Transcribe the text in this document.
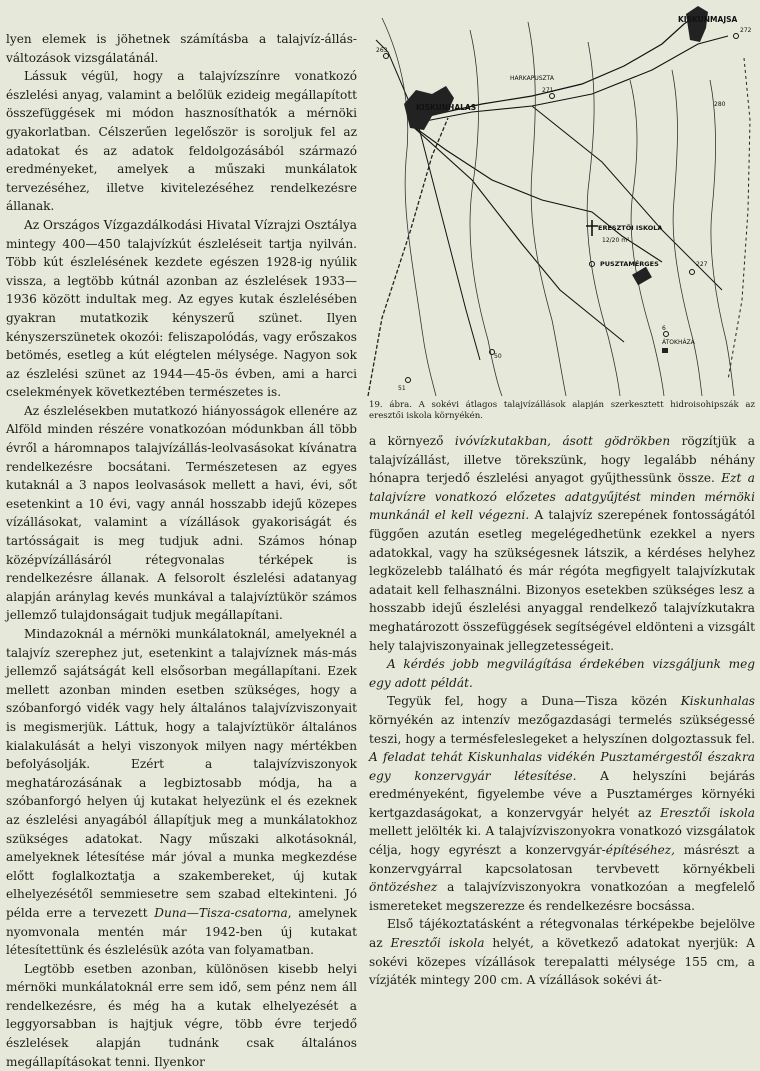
lyen elemek is jöhetnek számításba a talajvíz-állás-változások vizsgálatánál.

Lássuk végül, hogy a talajvízszínre vonatkozó észlelési anyag, valamint a belőlük ezideig megállapított összefüggések mi módon hasznosíthatók a mérnöki gyakorlatban. Célszerűen legelőször is soroljuk fel az adatokat és az adatok feldolgozásából származó eredményeket, amelyek a műszaki munkálatok tervezéséhez, illetve kivitelezéséhez rendelkezésre állanak.

Az Országos Vízgazdálkodási Hivatal Vízrajzi Osztálya mintegy 400—450 talajvízkút észleléseit tartja nyilván. Több kút észlelésének kezdete egészen 1928-ig nyúlik vissza, a legtöbb kútnál azonban az észlelések 1933—1936 között indultak meg. Az egyes kutak észlelésében gyakran mutatkozik kényszerű szünet. Ilyen kényszerszünetek okozói: feliszapolódás, vagy erőszakos betömés, esetleg a kút elégtelen mélysége. Nagyon sok az észlelési szünet az 1944—45-ös évben, ami a harci cselekmények következtében természetes is.

Az észlelésekben mutatkozó hiányosságok ellenére az Alföld minden részére vonatkozóan módunkban áll több évről a háromnapos talajvízállás-leolvasásokat kívánatra rendelkezésre bocsátani. Természetesen az egyes kutaknál a 3 napos leolvasások mellett a havi, évi, sőt esetenkint a 10 évi, vagy annál hosszabb idejű közepes vízállásokat, valamint a vízállások gyakoriságát és tartósságait is meg tudjuk adni. Számos hónap középvízállásáról rétegvonalas térképek is rendelkezésre állanak. A felsorolt észlelési adatanyag alapján aránylag kevés munkával a talajvíztükör számos jellemző tulajdonságait tudjuk megállapítani.

Mindazoknál a mérnöki munkálatoknál, amelyeknél a talajvíz szerephez jut, esetenkint a talajvíznek más-más jellemző sajátságát kell elsősorban megállapítani. Ezek mellett azonban minden esetben szükséges, hogy a szóbanforgó vidék vagy hely általános talajvízviszonyait is megismerjük. Láttuk, hogy a talajvíztükör általános kialakulását a helyi viszonyok milyen nagy mértékben befolyásolják. Ezért a talajvízviszonyok meghatározásának a legbiztosabb módja, ha a szóbanforgó helyen új kutakat helyezünk el és ezeknek az észlelési anyagából állapítjuk meg a munkálatokhoz szükséges adatokat. Nagy műszaki alkotásoknál, amelyeknek létesítése már jóval a munka megkezdése előtt foglalkoztatja a szakembereket, új kutak elhelyezésétől semmiesetre sem szabad eltekinteni. Jó példa erre a tervezett Duna—Tisza-csatorna, amelynek nyomvonala mentén már 1942-ben új kutakat létesítettünk és észlelésük azóta van folyamatban.

Legtöbb esetben azonban, különösen kisebb helyi mérnöki munkálatoknál erre sem idő, sem pénz nem áll rendelkezésre, és még ha a kutak elhelyezését a leggyorsabban is hajtjuk végre, több évre terjedő észlelések alapján tudnánk csak általános megállapításokat tenni. Ilyenkor

KISKUNMAJSA
KISKUNHALAS
HARKAPUSZTA
ERESZTŐI ISKOLA
12/20 m²
PUSZTAMÉRGES
ÁTOKHÁZA
272
263
271
280
227
6
51
50
19. ábra. A sokévi átlagos talajvízállások alapján szerkesztett hidroisohipszák az eresztői iskola környékén.

a környező ivóvízkutakban, ásott gödrökben rögzítjük a talajvízállást, illetve törekszünk, hogy legalább néhány hónapra terjedő észlelési anyagot gyűjthessünk össze. Ezt a talajvízre vonatkozó előzetes adatgyűjtést minden mérnöki munkánál el kell végezni. A talajvíz szerepének fontosságától függően azután esetleg megelégedhetünk ezekkel a nyers adatokkal, vagy ha szükségesnek látszik, a kérdéses helyhez legközelebb található és már régóta megfigyelt talajvízkutak adatait kell felhasználni. Bizonyos esetekben szükséges lesz a hosszabb idejű észlelési anyaggal rendelkező talajvízkutakra meghatározott összefüggések segítségével eldönteni a vizsgált hely talajviszonyainak jellegzetességeit.

A kérdés jobb megvilágítása érdekében vizsgáljunk meg egy adott példát.

Tegyük fel, hogy a Duna—Tisza közén Kiskunhalas környékén az intenzív mezőgazdasági termelés szükségessé teszi, hogy a termésfeleslegeket a helyszínen dolgoztassuk fel. A feladat tehát Kiskunhalas vidékén Pusztamérgestől északra egy konzervgyár létesítése. A helyszíni bejárás eredményeként, figyelembe véve a Pusztamérges környéki kertgazdaságokat, a konzervgyár helyét az Eresztői iskola mellett jelölték ki. A talajvízviszonyokra vonatkozó vizsgálatok célja, hogy egyrészt a konzervgyár-építéséhez, másrészt a konzervgyárral kapcsolatosan tervbevett környékbeli öntözéshez a talajvízviszonyokra vonatkozóan a megfelelő ismereteket megszerezze és rendelkezésre bocsássa.

Első tájékoztatásként a rétegvonalas térképekbe bejelölve az Eresztői iskola helyét, a következő adatokat nyerjük: A sokévi közepes vízállások terepalatti mélysége 155 cm, a vízjáték mintegy 200 cm. A vízállások sokévi át-
